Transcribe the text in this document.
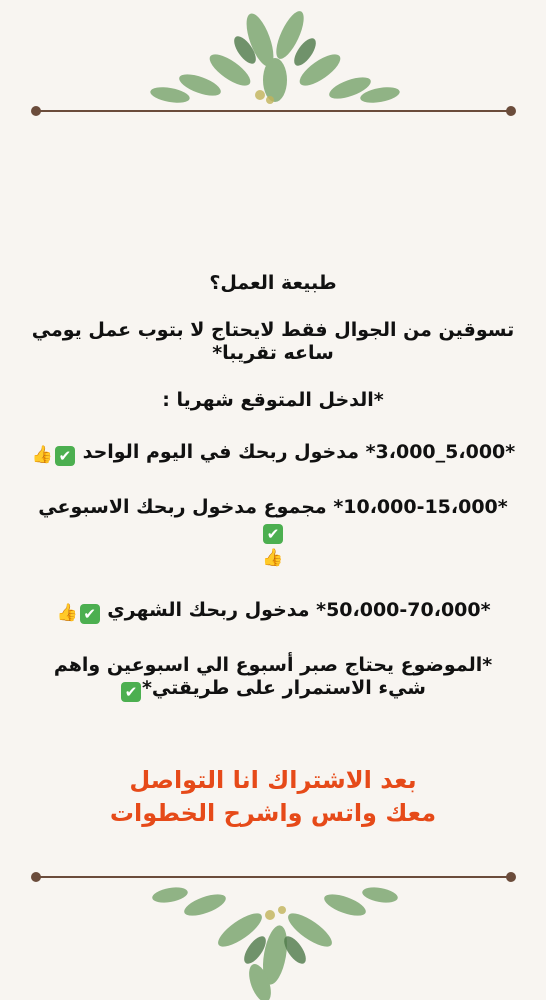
طبيعة العمل؟

تسوقين من الجوال فقط لايحتاج لا بتوب عمل يومي

ساعه تقريبا*

*الدخل المتوقع شهريا :

*5،000_3،000* مدخول ربحك في اليوم الواحد ✔👍

*10،000-15،000* مجموع مدخول ربحك الاسبوعي✔

👍

*50،000-70،000* مدخول ربحك الشهري ✔👍

*الموضوع يحتاج صبر أسبوع الي اسبوعين واهم

شيء الاستمرار على طريقتي*✔

بعد الاشتراك انا التواصل

معك واتس واشرح الخطوات
